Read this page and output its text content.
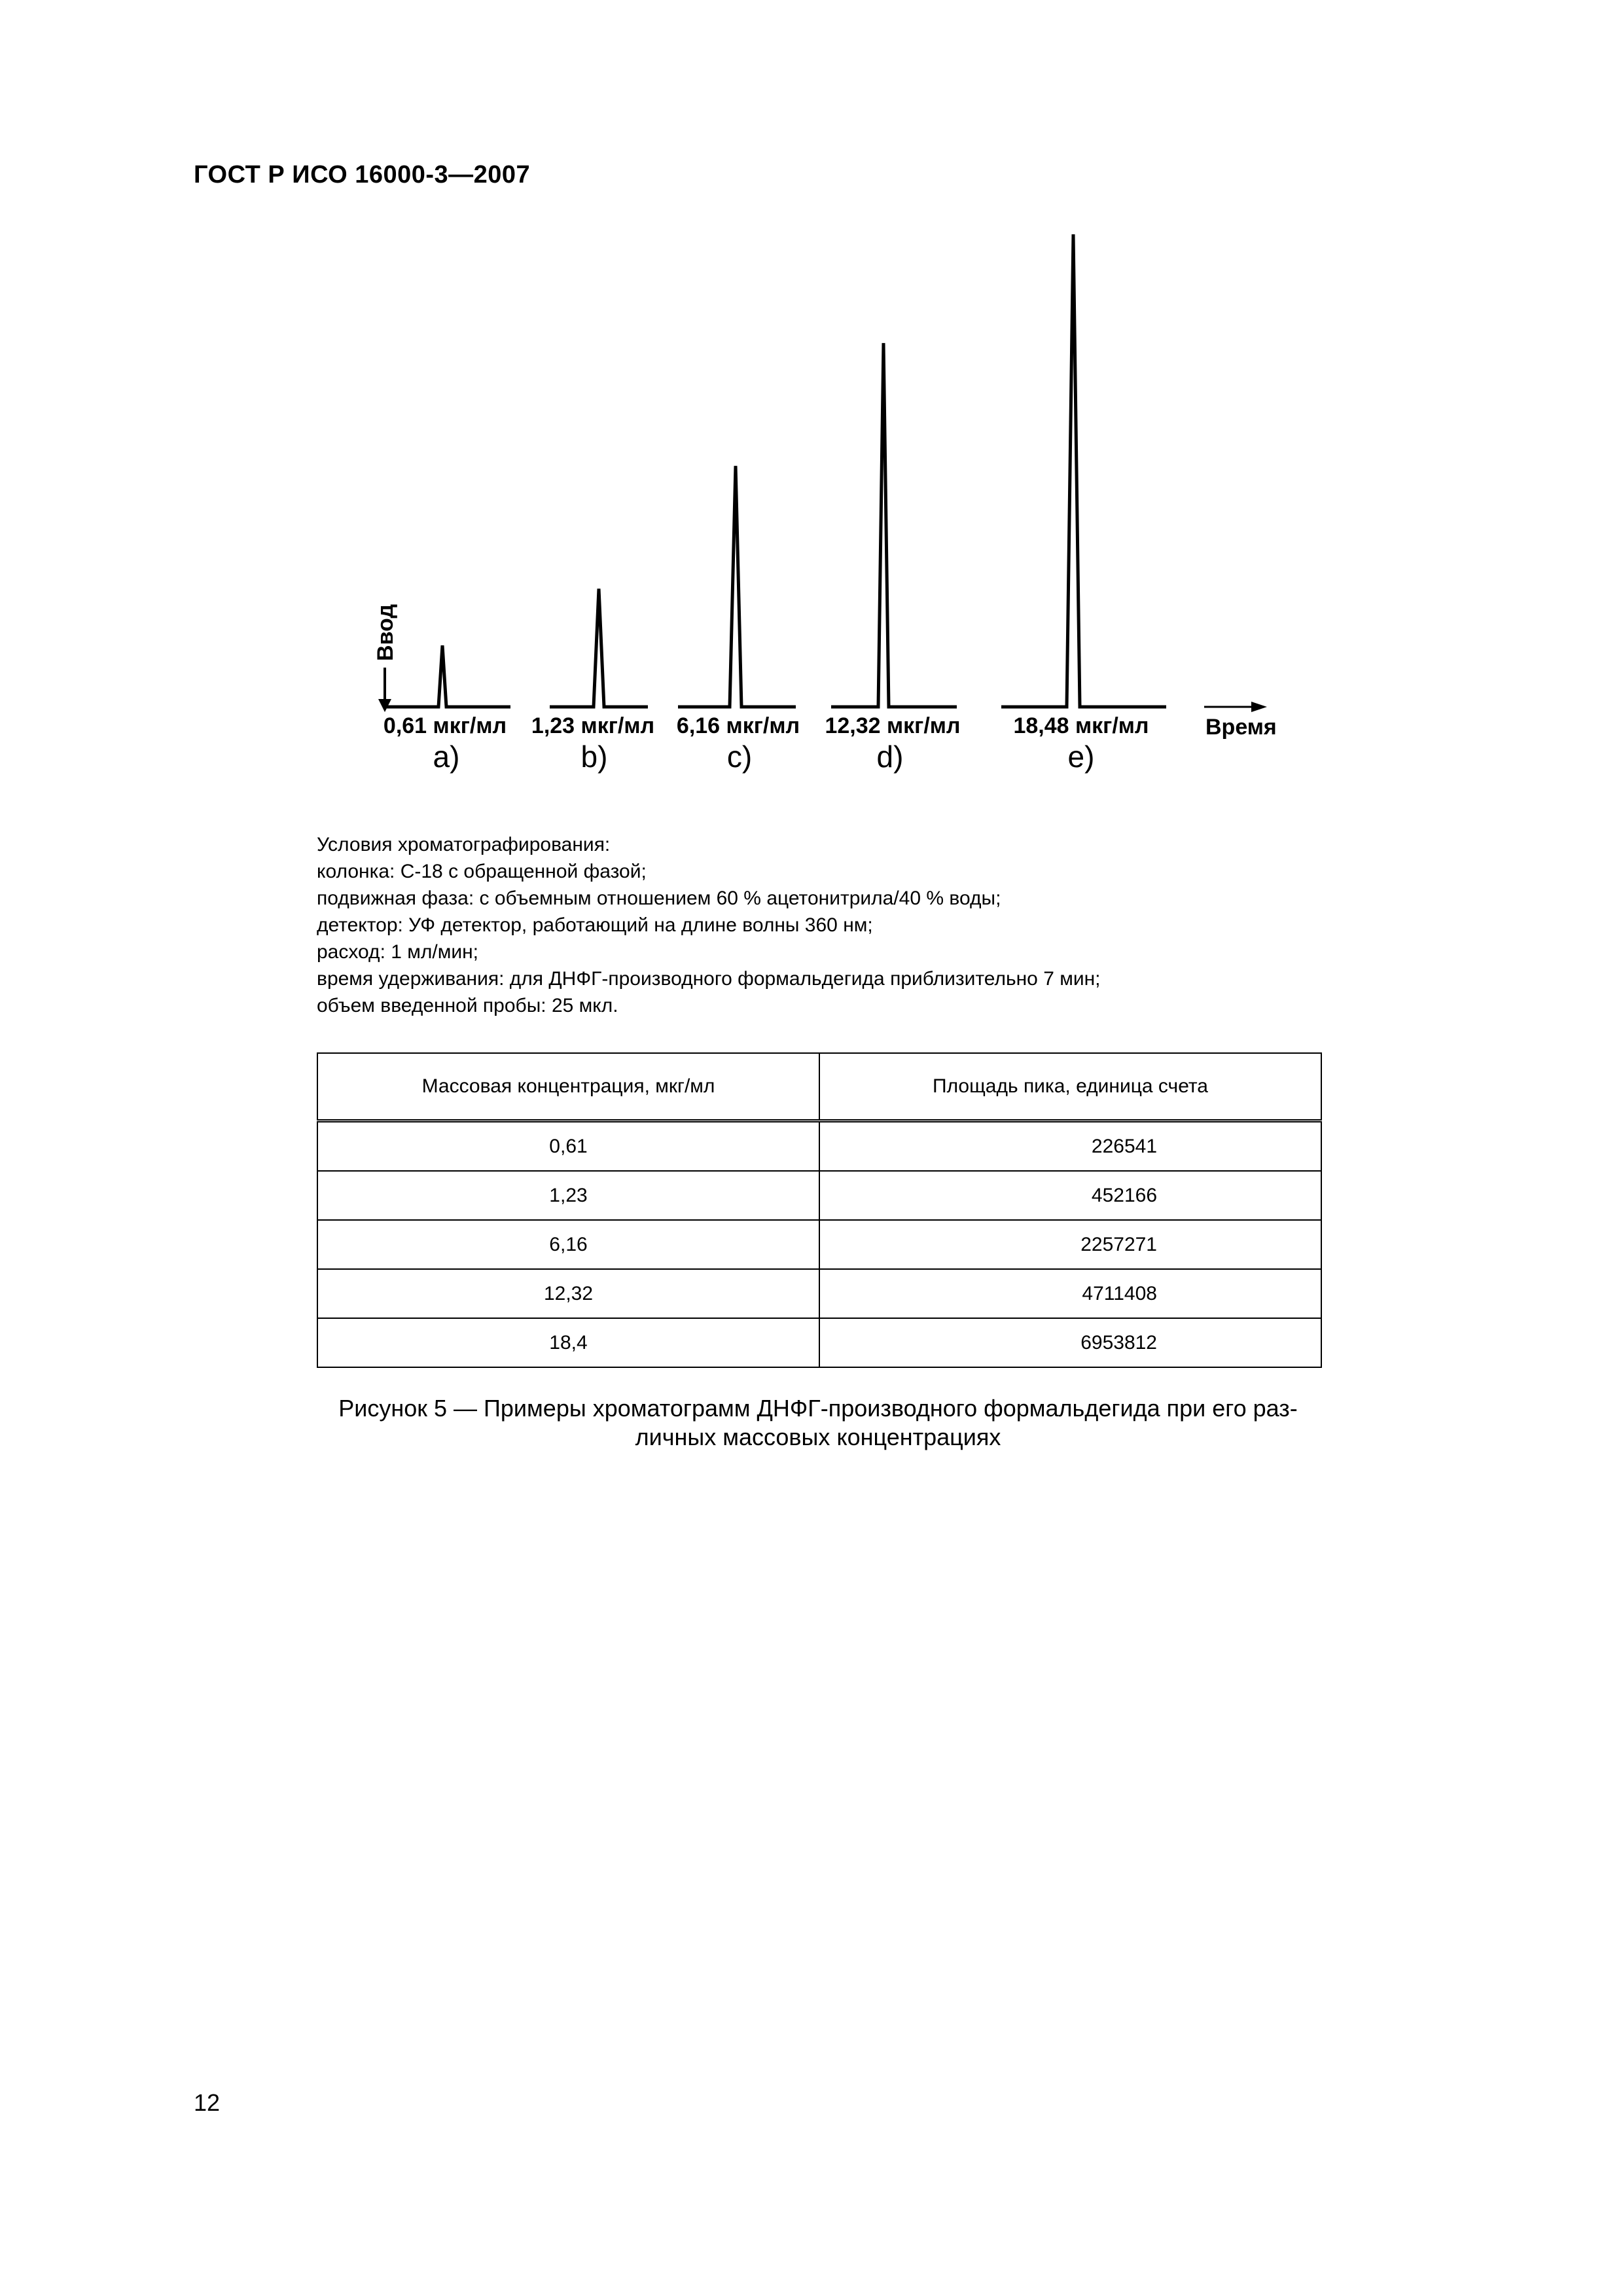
ГОСТ Р ИСО 16000-3—2007
Ввод
0,61 мкг/мл
a)
1,23 мкг/мл
b)
6,16 мкг/мл
c)
12,32 мкг/мл
d)
18,48 мкг/мл
e)
Время
Условия хроматографирования:
колонка: С-18 с обращенной фазой;
подвижная фаза: с объемным отношением 60 % ацетонитрила/40 % воды;
детектор: УФ детектор, работающий на длине волны 360 нм;
расход: 1 мл/мин;
время удерживания: для ДНФГ-производного формальдегида приблизительно 7 мин;
объем введенной пробы: 25 мкл.
Массовая концентрация, мкг/мл	Площадь пика, единица счета
0,61	226541
1,23	452166
6,16	2257271
12,32	4711408
18,4	6953812
Рисунок 5 — Примеры хроматограмм ДНФГ-производного формальдегида при его раз-
личных массовых концентрациях
12
